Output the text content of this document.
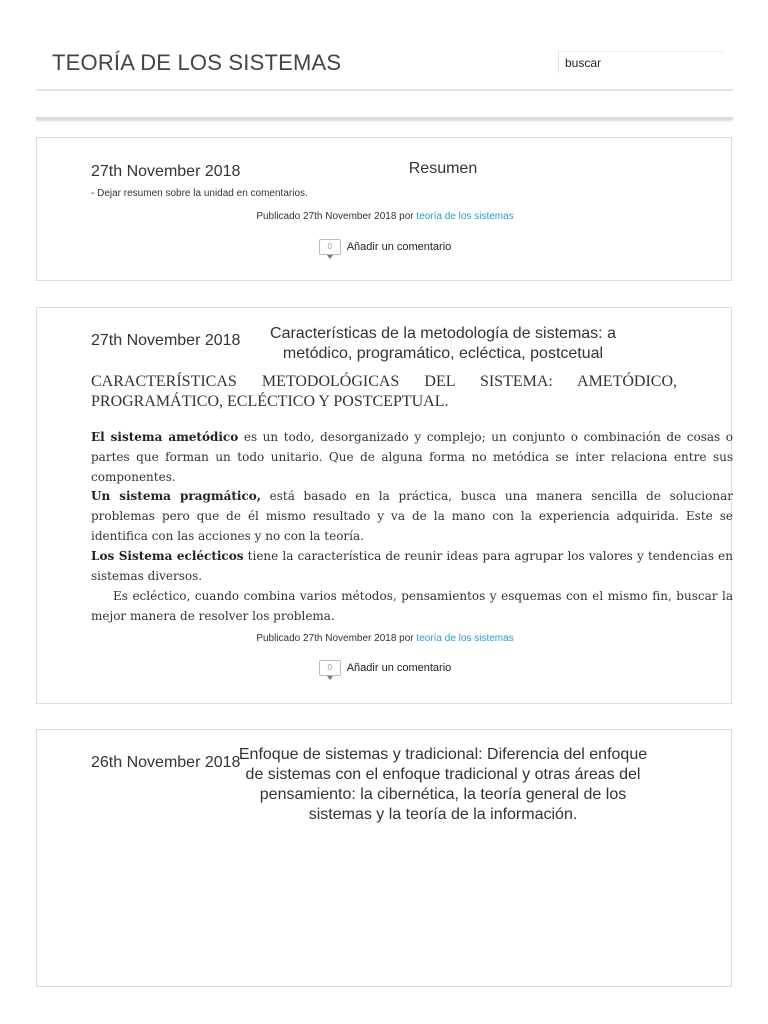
TEORÍA DE LOS SISTEMAS
buscar
27th November 2018	Resumen
- Dejar resumen sobre la unidad en comentarios.
Publicado 27th November 2018 por teoría de los sistemas
0 Añadir un comentario
27th November 2018	Características de la metodología de sistemas: a
metódico, programático, ecléctica, postcetual
CARACTERÍSTICAS METODOLÓGICAS DEL SISTEMA: AMETÓDICO, PROGRAMÁTICO, ECLÉCTICO Y POSTCEPTUAL.

El sistema ametódico es un todo, desorganizado y complejo; un conjunto o combinación de cosas o partes que forman un todo unitario. Que de alguna forma no metódica se inter relaciona entre sus componentes.

Un sistema pragmático, está basado en la práctica, busca una manera sencilla de solucionar problemas pero que de él mismo resultado y va de la mano con la experiencia adquirida. Este se identifica con las acciones y no con la teoría.

Los Sistema eclécticos tiene la característica de reunir ideas para agrupar los valores y tendencias en sistemas diversos.

Es ecléctico, cuando combina varios métodos, pensamientos y esquemas con el mismo fin, buscar la mejor manera de resolver los problema.

Publicado 27th November 2018 por teoría de los sistemas
0 Añadir un comentario
26th November 2018
Enfoque de sistemas y tradicional: Diferencia del enfoque
de sistemas con el enfoque tradicional y otras áreas del
pensamiento: la cibernética, la teoría general de los
sistemas y la teoría de la información.
